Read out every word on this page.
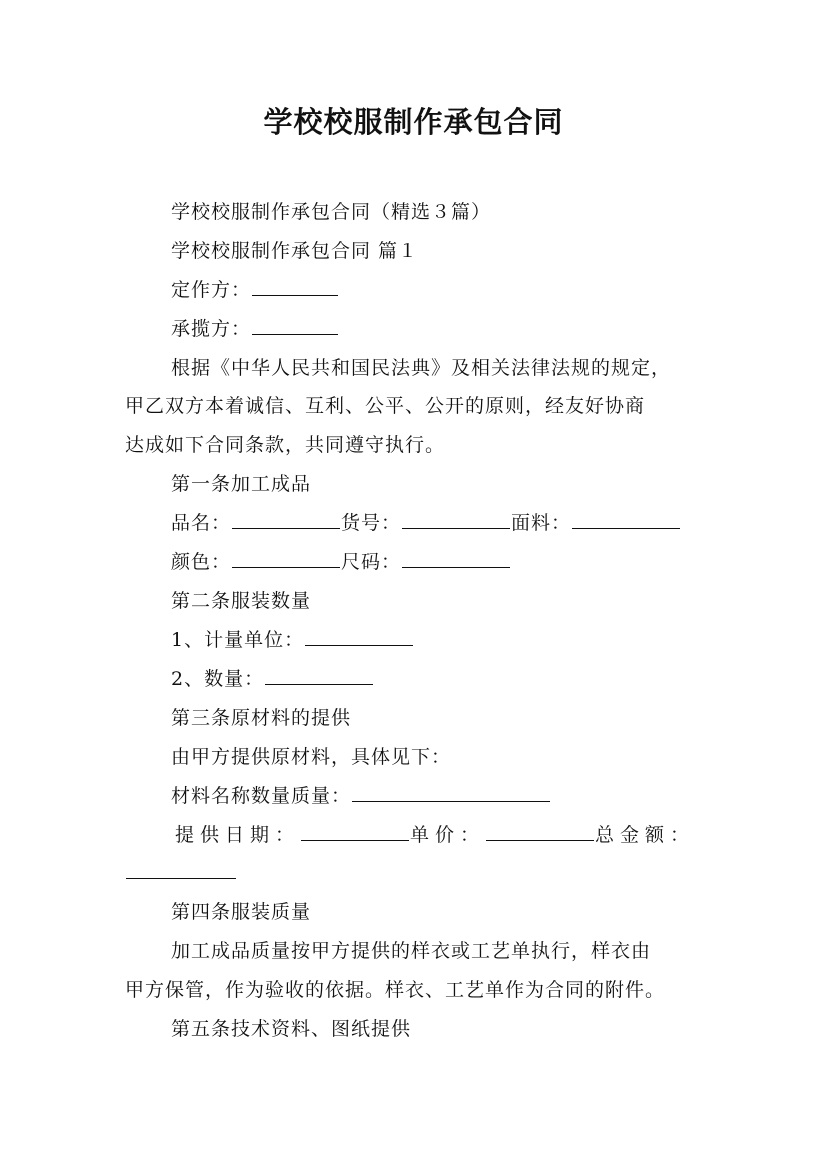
学校校服制作承包合同
学校校服制作承包合同（精选３篇）
学校校服制作承包合同 篇１
定作方：
承揽方：
根据《中华人民共和国民法典》及相关法律法规的规定，
甲乙双方本着诚信、互利、公平、公开的原则，经友好协商
达成如下合同条款，共同遵守执行。
第一条加工成品
品名：	货号：	面料：
颜色：	尺码：
第二条服装数量
1、计量单位：
2、数量：
第三条原材料的提供
由甲方提供原材料，具体见下：
材料名称数量质量：
提供日期：	单价：	总金额：
第四条服装质量
加工成品质量按甲方提供的样衣或工艺单执行，样衣由
甲方保管，作为验收的依据。样衣、工艺单作为合同的附件。
第五条技术资料、图纸提供
